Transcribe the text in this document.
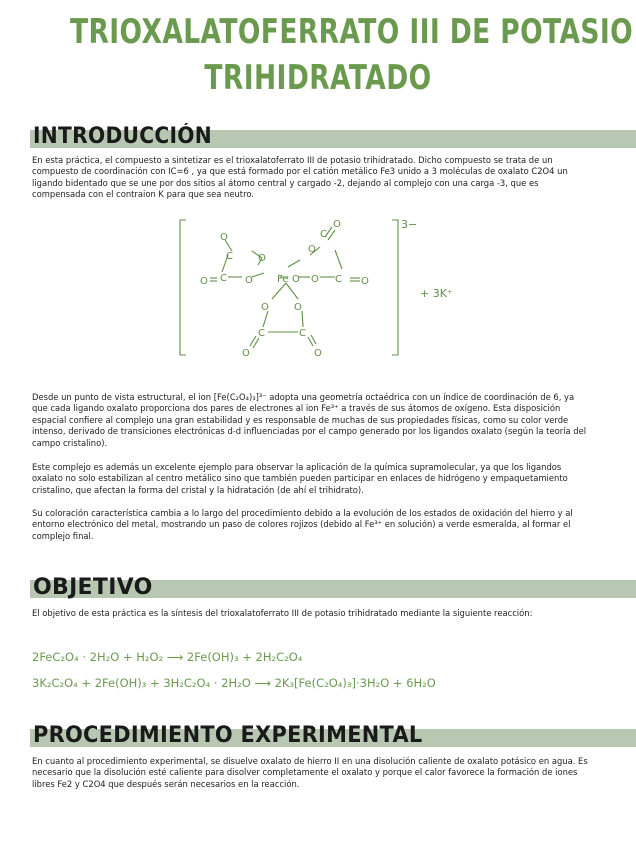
TRIOXALATOFERRATO III DE POTASIO
TRIHIDRATADO
INTRODUCCIÓN

En esta práctica, el compuesto a sintetizar es el trioxalatoferrato III de potasio trihidratado. Dicho compuesto se trata de un compuesto de coordinación con IC=6 , ya que está formado por el catión metálico Fe3 unido a 3 moléculas de oxalato C2O4 un ligando bidentado que se une por dos sitios al átomo central y cargado -2, dejando al complejo con una carga -3, que es compensada con el contraion K para que sea neutro.

O
C	O
O C O Fe O
C
O
O
O C O
O	O
C	C
O	O
3−
+ 3K⁺

Desde un punto de vista estructural, el ion [Fe(C₂O₄)₃]³⁻ adopta una geometría octaédrica con un índice de coordinación de 6, ya que cada ligando oxalato proporciona dos pares de electrones al ion Fe³⁺ a través de sus átomos de oxígeno. Esta disposición espacial confiere al complejo una gran estabilidad y es responsable de muchas de sus propiedades físicas, como su color verde intenso, derivado de transiciones electrónicas d-d influenciadas por el campo generado por los ligandos oxalato (según la teoría del campo cristalino).

Este complejo es además un excelente ejemplo para observar la aplicación de la química supramolecular, ya que los ligandos oxalato no solo estabilizan al centro metálico sino que también pueden participar en enlaces de hidrógeno y empaquetamiento cristalino, que afectan la forma del cristal y la hidratación (de ahí el trihidrato).

Su coloración característica cambia a lo largo del procedimiento debido a la evolución de los estados de oxidación del hierro y al entorno electrónico del metal, mostrando un paso de colores rojizos (debido al Fe³⁺ en solución) a verde esmeralda, al formar el complejo final.

OBJETIVO

El objetivo de esta práctica es la síntesis del trioxalatoferrato III de potasio trihidratado mediante la siguiente reacción:

2FeC₂O₄ · 2H₂O + H₂O₂ ⟶ 2Fe(OH)₃ + 2H₂C₂O₄
3K₂C₂O₄ + 2Fe(OH)₃ + 3H₂C₂O₄ · 2H₂O ⟶ 2K₃[Fe(C₂O₄)₃]·3H₂O + 6H₂O
PROCEDIMIENTO EXPERIMENTAL

En cuanto al procedimiento experimental, se disuelve oxalato de hierro II en una disolución caliente de oxalato potásico en agua. Es necesario que la disolución esté caliente para disolver completamente el oxalato y porque el calor favorece la formación de iones libres Fe2 y C2O4 que después serán necesarios en la reacción.
